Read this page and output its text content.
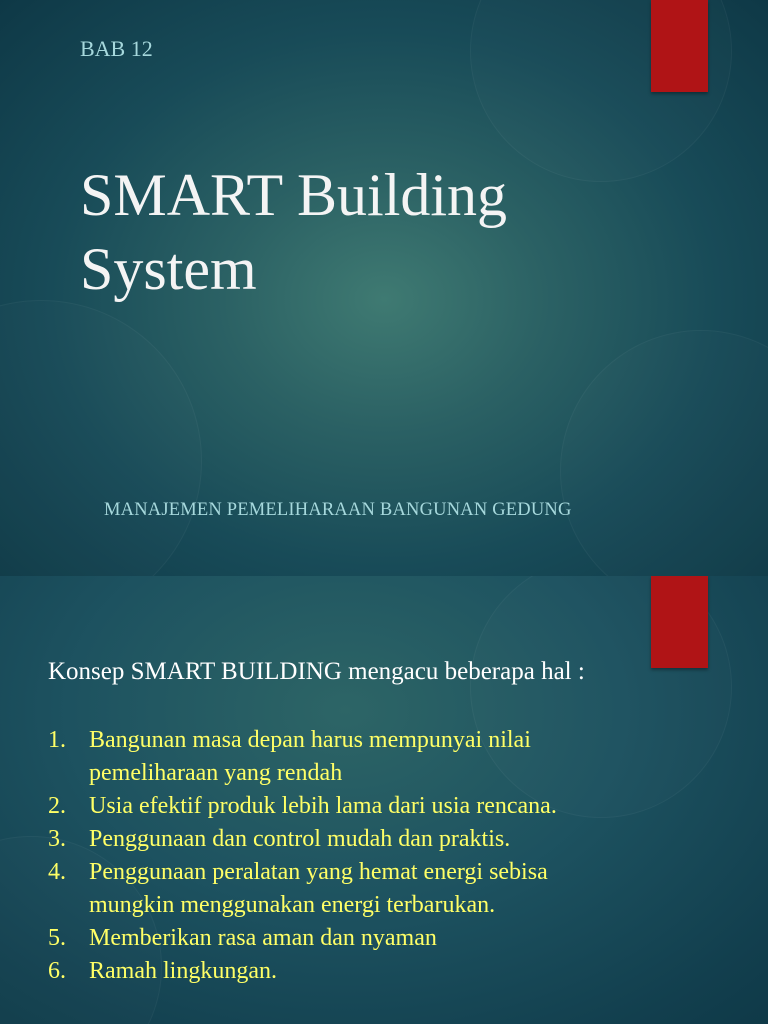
BAB 12
SMART Building
System
MANAJEMEN PEMELIHARAAN BANGUNAN GEDUNG
Konsep SMART BUILDING mengacu beberapa hal :
1. Bangunan masa depan harus mempunyai nilai
pemeliharaan yang rendah
2. Usia efektif produk lebih lama dari usia rencana.
3. Penggunaan dan control mudah dan praktis.
4. Penggunaan peralatan yang hemat energi sebisa
mungkin menggunakan energi terbarukan.
5. Memberikan rasa aman dan nyaman
6. Ramah lingkungan.
